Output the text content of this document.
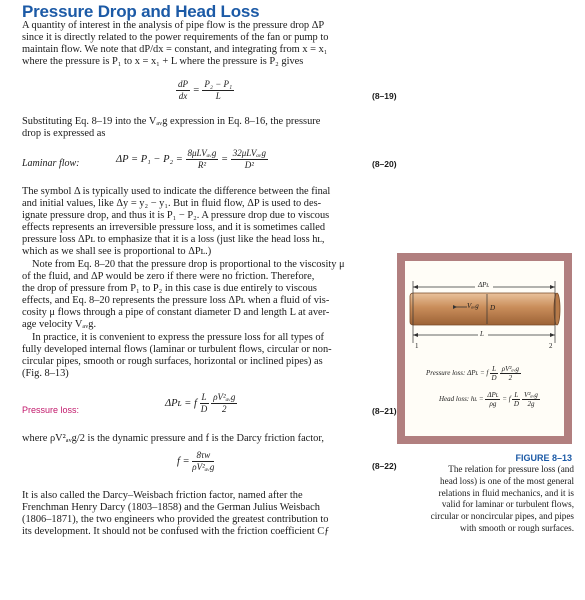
Pressure Drop and Head Loss
A quantity of interest in the analysis of pipe flow is the pressure drop ΔP
since it is directly related to the power requirements of the fan or pump to
maintain flow. We note that dP/dx = constant, and integrating from x = x₁
where the pressure is P₁ to x = x₁ + L where the pressure is P₂ gives
$\frac{dP}{dx} = \frac{\text{P₂ − P₁}}{L}$	(8–19)
Substituting Eq. 8–19 into the Vₐᵥg expression in Eq. 8–16, the pressure
drop is expressed as
Laminar flow:	$\Delta P = P_1 - P_2 = \frac{\text{8μLVₐᵥg}}{\text{R²}} = \frac{\text{32μLVₐᵥg}}{\text{D²}}$	(8–20)
The symbol Δ is typically used to indicate the difference between the final
and initial values, like Δy = y₂ − y₁. But in fluid flow, ΔP is used to des-
ignate pressure drop, and thus it is P₁ − P₂. A pressure drop due to viscous
effects represents an irreversible pressure loss, and it is sometimes called
pressure loss ΔPʟ to emphasize that it is a loss (just like the head loss hʟ,
which as we shall see is proportional to ΔPʟ.)
Note from Eq. 8–20 that the pressure drop is proportional to the viscosity μ
of the fluid, and ΔP would be zero if there were no friction. Therefore,
the drop of pressure from P₁ to P₂ in this case is due entirely to viscous
effects, and Eq. 8–20 represents the pressure loss ΔPʟ when a fluid of vis-
cosity μ flows through a pipe of constant diameter D and length L at aver-
age velocity Vₐᵥg.
In practice, it is convenient to express the pressure loss for all types of
fully developed internal flows (laminar or turbulent flows, circular or non-
circular pipes, smooth or rough surfaces, horizontal or inclined pipes) as
(Fig. 8–13)
Pressure loss:
ΔPʟ = f $\frac{L}{D}$
$\frac{\text{ρV²ₐᵥg}}{2}$	(8–21)
where ρV²ₐᵥg/2 is the dynamic pressure and f is the Darcy friction factor,
$f = \frac{8\tau w}{\text{ρV²ₐᵥg}}$	(8–22)
It is also called the Darcy–Weisbach friction factor, named after the
Frenchman Henry Darcy (1803–1858) and the German Julius Weisbach
(1806–1871), the two engineers who provided the greatest contribution to
its development. It should not be confused with the friction coefficient Cƒ
ΔPʟ
Vₐᵥg D
L
1	2
Pressure loss: ΔPʟ = f $\frac{L}{D}$
$\frac{\text{ρV²ₐᵥg}}{2}$
Head loss: hʟ = $\frac{\text{ΔPʟ}}{\rho g} = f \frac{L}{D}$
$\frac{\text{V²ₐᵥg}}{2g}$
FIGURE 8–13
The relation for pressure loss (and
head loss) is one of the most general
relations in fluid mechanics, and it is
valid for laminar or turbulent flows,
circular or noncircular pipes, and pipes
with smooth or rough surfaces.
